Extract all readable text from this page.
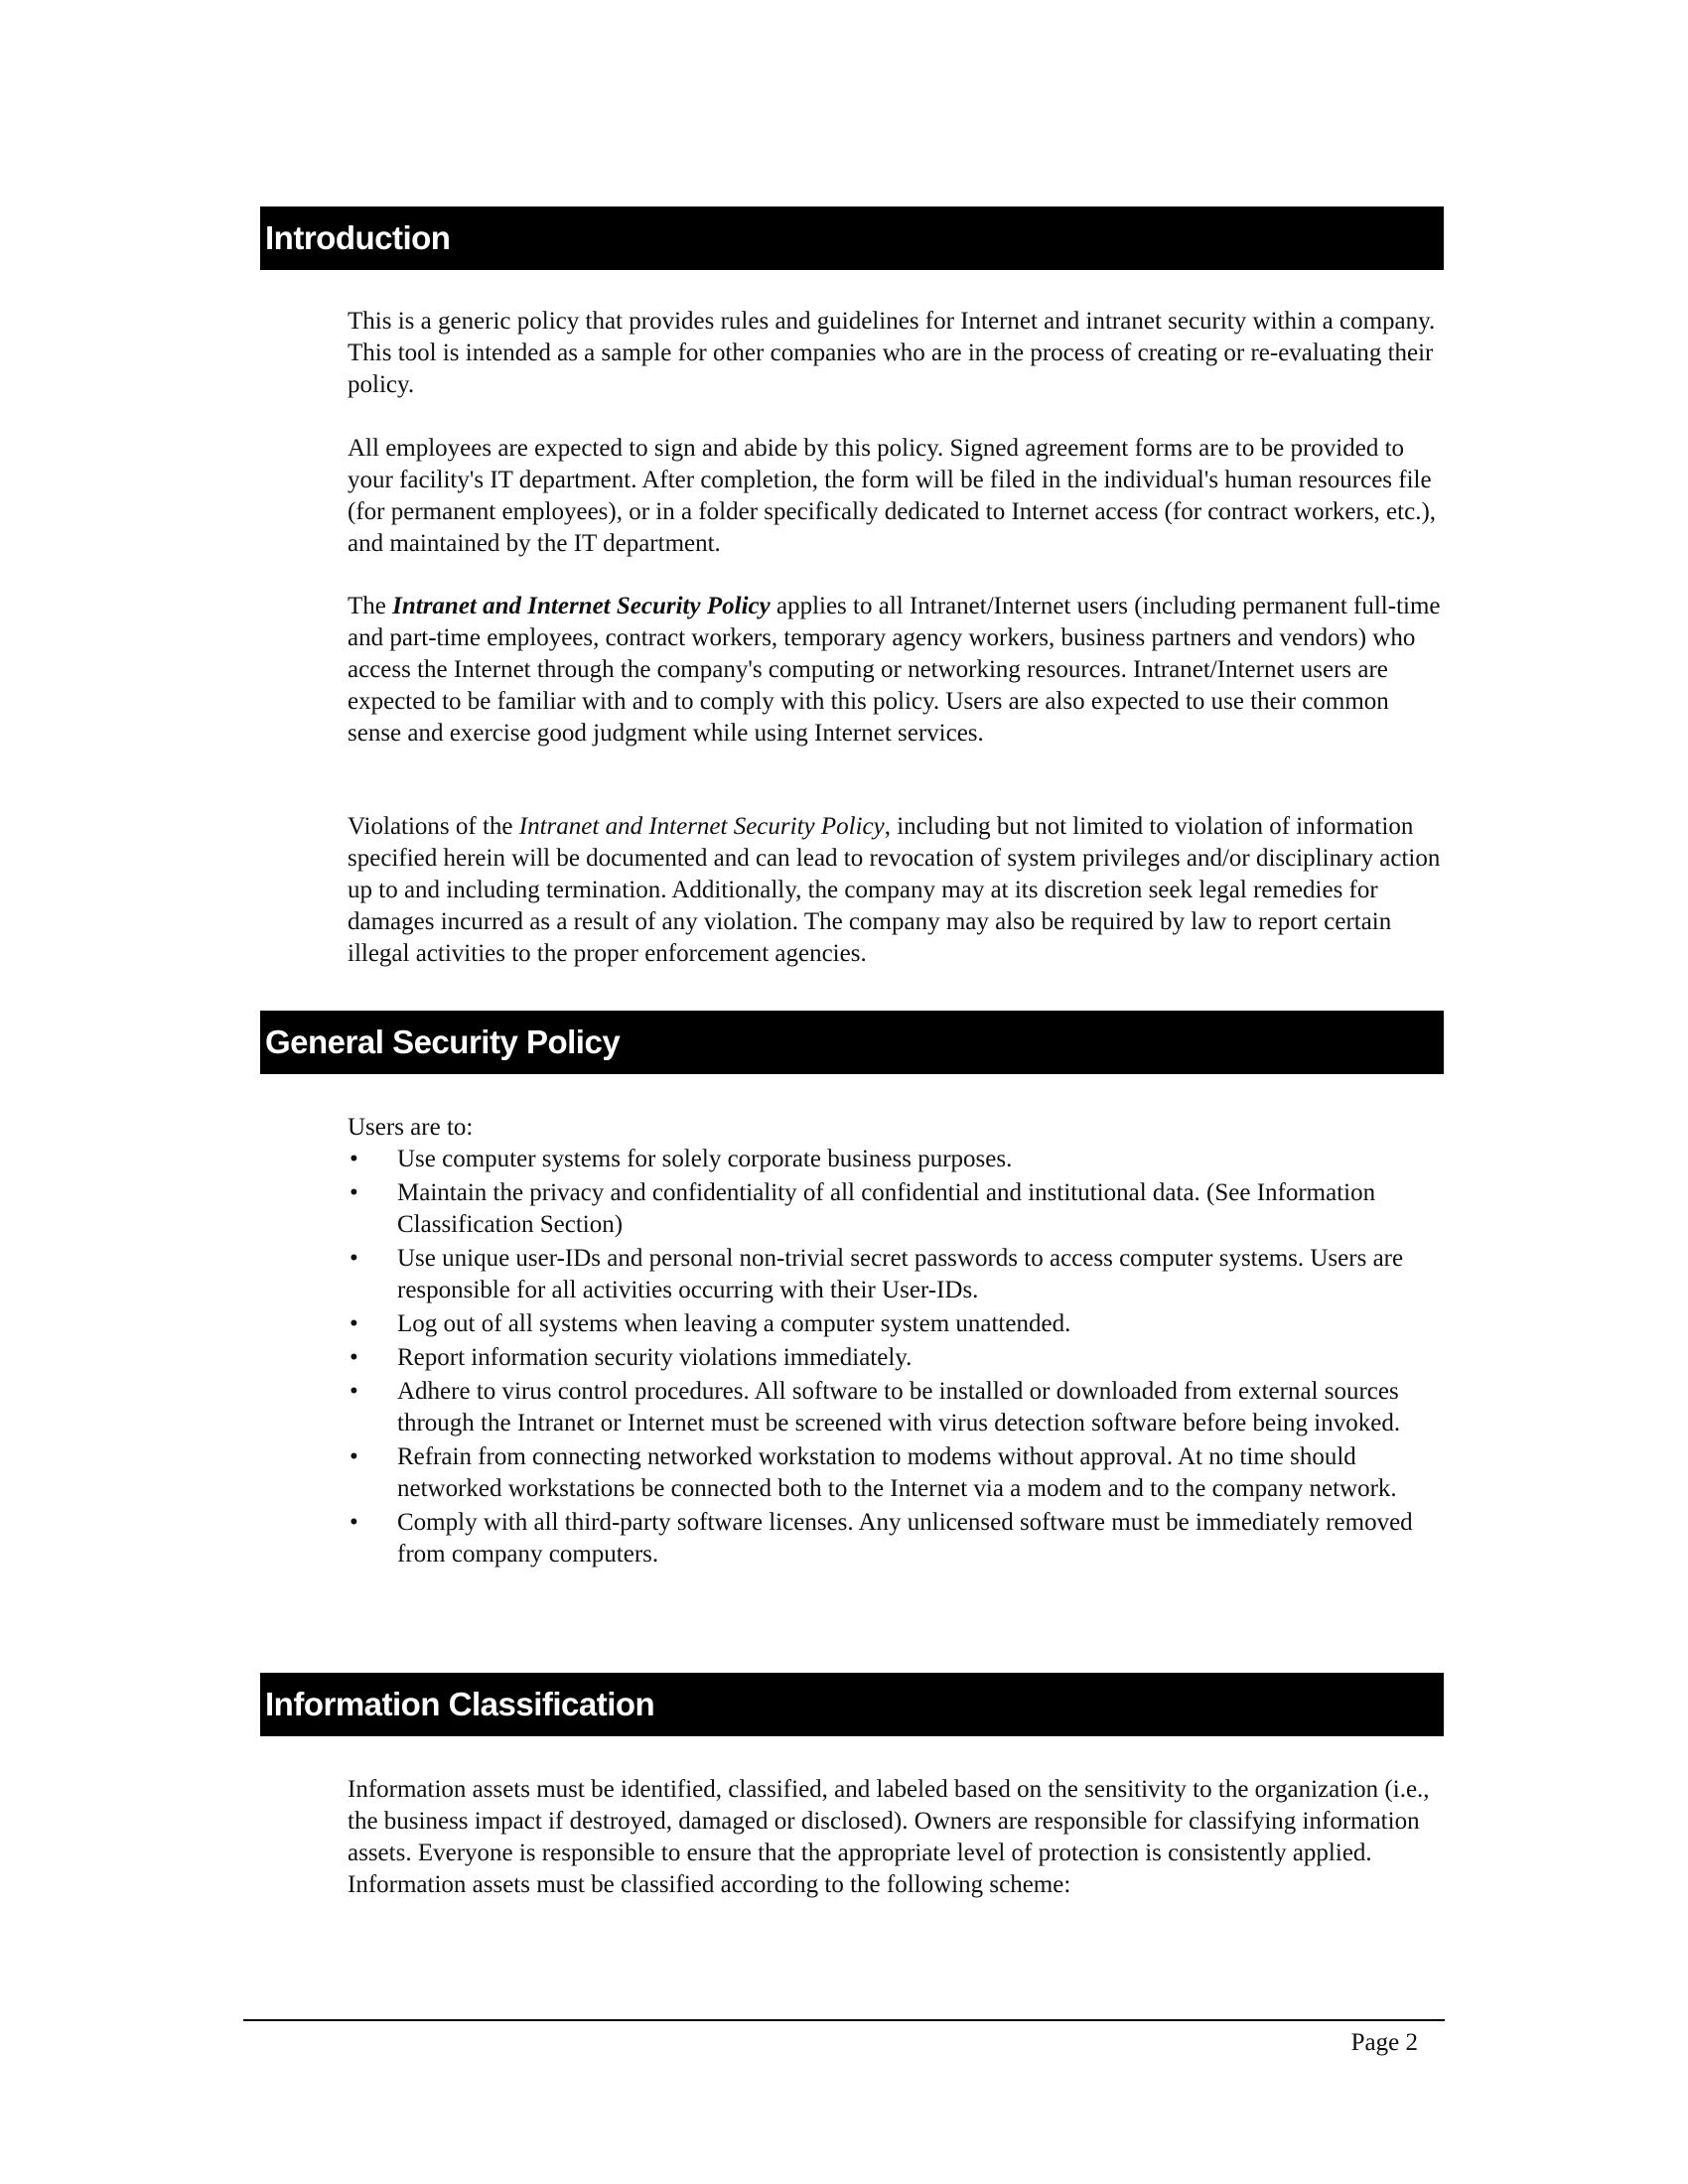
Introduction

This is a generic policy that provides rules and guidelines for Internet and intranet security within a company. This tool is intended as a sample for other companies who are in the process of creating or re-evaluating their policy.

All employees are expected to sign and abide by this policy. Signed agreement forms are to be provided to your facility's IT department. After completion, the form will be filed in the individual's human resources file (for permanent employees), or in a folder specifically dedicated to Internet access (for contract workers, etc.), and maintained by the IT department.

The Intranet and Internet Security Policy applies to all Intranet/Internet users (including permanent full-time and part-time employees, contract workers, temporary agency workers, business partners and vendors) who access the Internet through the company's computing or networking resources. Intranet/Internet users are expected to be familiar with and to comply with this policy. Users are also expected to use their common sense and exercise good judgment while using Internet services.

Violations of the Intranet and Internet Security Policy, including but not limited to violation of information specified herein will be documented and can lead to revocation of system privileges and/or disciplinary action up to and including termination. Additionally, the company may at its discretion seek legal remedies for damages incurred as a result of any violation. The company may also be required by law to report certain illegal activities to the proper enforcement agencies.

General Security Policy

Users are to:

•	Use computer systems for solely corporate business purposes.
•	Maintain the privacy and confidentiality of all confidential and institutional data. (See Information Classification Section)
•	Use unique user-IDs and personal non-trivial secret passwords to access computer systems. Users are responsible for all activities occurring with their User-IDs.
•	Log out of all systems when leaving a computer system unattended.
•	Report information security violations immediately.
•	Adhere to virus control procedures. All software to be installed or downloaded from external sources through the Intranet or Internet must be screened with virus detection software before being invoked.
•	Refrain from connecting networked workstation to modems without approval. At no time should networked workstations be connected both to the Internet via a modem and to the company network.
•	Comply with all third-party software licenses. Any unlicensed software must be immediately removed from company computers.
Information Classification

Information assets must be identified, classified, and labeled based on the sensitivity to the organization (i.e., the business impact if destroyed, damaged or disclosed). Owners are responsible for classifying information assets. Everyone is responsible to ensure that the appropriate level of protection is consistently applied. Information assets must be classified according to the following scheme:

Page 2
